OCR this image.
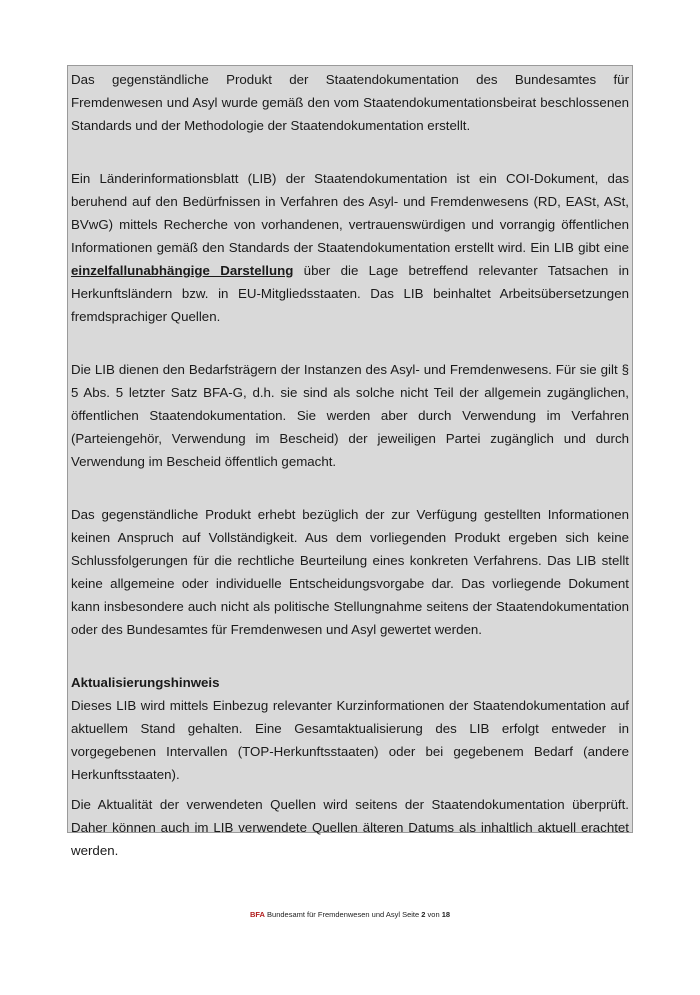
Das gegenständliche Produkt der Staatendokumentation des Bundesamtes für Fremdenwesen und Asyl wurde gemäß den vom Staatendokumentationsbeirat beschlossenen Standards und der Methodologie der Staatendokumentation erstellt.

Ein Länderinformationsblatt (LIB) der Staatendokumentation ist ein COI-Dokument, das beruhend auf den Bedürfnissen in Verfahren des Asyl- und Fremdenwesens (RD, EASt, ASt, BVwG) mittels Recherche von vorhandenen, vertrauenswürdigen und vorrangig öffentlichen Informationen gemäß den Standards der Staatendokumentation erstellt wird. Ein LIB gibt eine einzelfallunabhängige Darstellung über die Lage betreffend relevanter Tatsachen in Herkunftsländern bzw. in EU-Mitgliedsstaaten. Das LIB beinhaltet Arbeitsübersetzungen fremdsprachiger Quellen.

Die LIB dienen den Bedarfsträgern der Instanzen des Asyl- und Fremdenwesens. Für sie gilt § 5 Abs. 5 letzter Satz BFA-G, d.h. sie sind als solche nicht Teil der allgemein zugänglichen, öffentlichen Staatendokumentation. Sie werden aber durch Verwendung im Verfahren (Parteiengehör, Verwendung im Bescheid) der jeweiligen Partei zugänglich und durch Verwendung im Bescheid öffentlich gemacht.

Das gegenständliche Produkt erhebt bezüglich der zur Verfügung gestellten Informationen keinen Anspruch auf Vollständigkeit. Aus dem vorliegenden Produkt ergeben sich keine Schlussfolgerungen für die rechtliche Beurteilung eines konkreten Verfahrens. Das LIB stellt keine allgemeine oder individuelle Entscheidungsvorgabe dar. Das vorliegende Dokument kann insbesondere auch nicht als politische Stellungnahme seitens der Staatendokumentation oder des Bundesamtes für Fremdenwesen und Asyl gewertet werden.

Aktualisierungshinweis

Dieses LIB wird mittels Einbezug relevanter Kurzinformationen der Staatendokumentation auf aktuellem Stand gehalten. Eine Gesamtaktualisierung des LIB erfolgt entweder in vorgegebenen Intervallen (TOP-Herkunftsstaaten) oder bei gegebenem Bedarf (andere Herkunftsstaaten).

Die Aktualität der verwendeten Quellen wird seitens der Staatendokumentation überprüft. Daher können auch im LIB verwendete Quellen älteren Datums als inhaltlich aktuell erachtet werden.

BFA Bundesamt für Fremdenwesen und Asyl Seite 2 von 18
